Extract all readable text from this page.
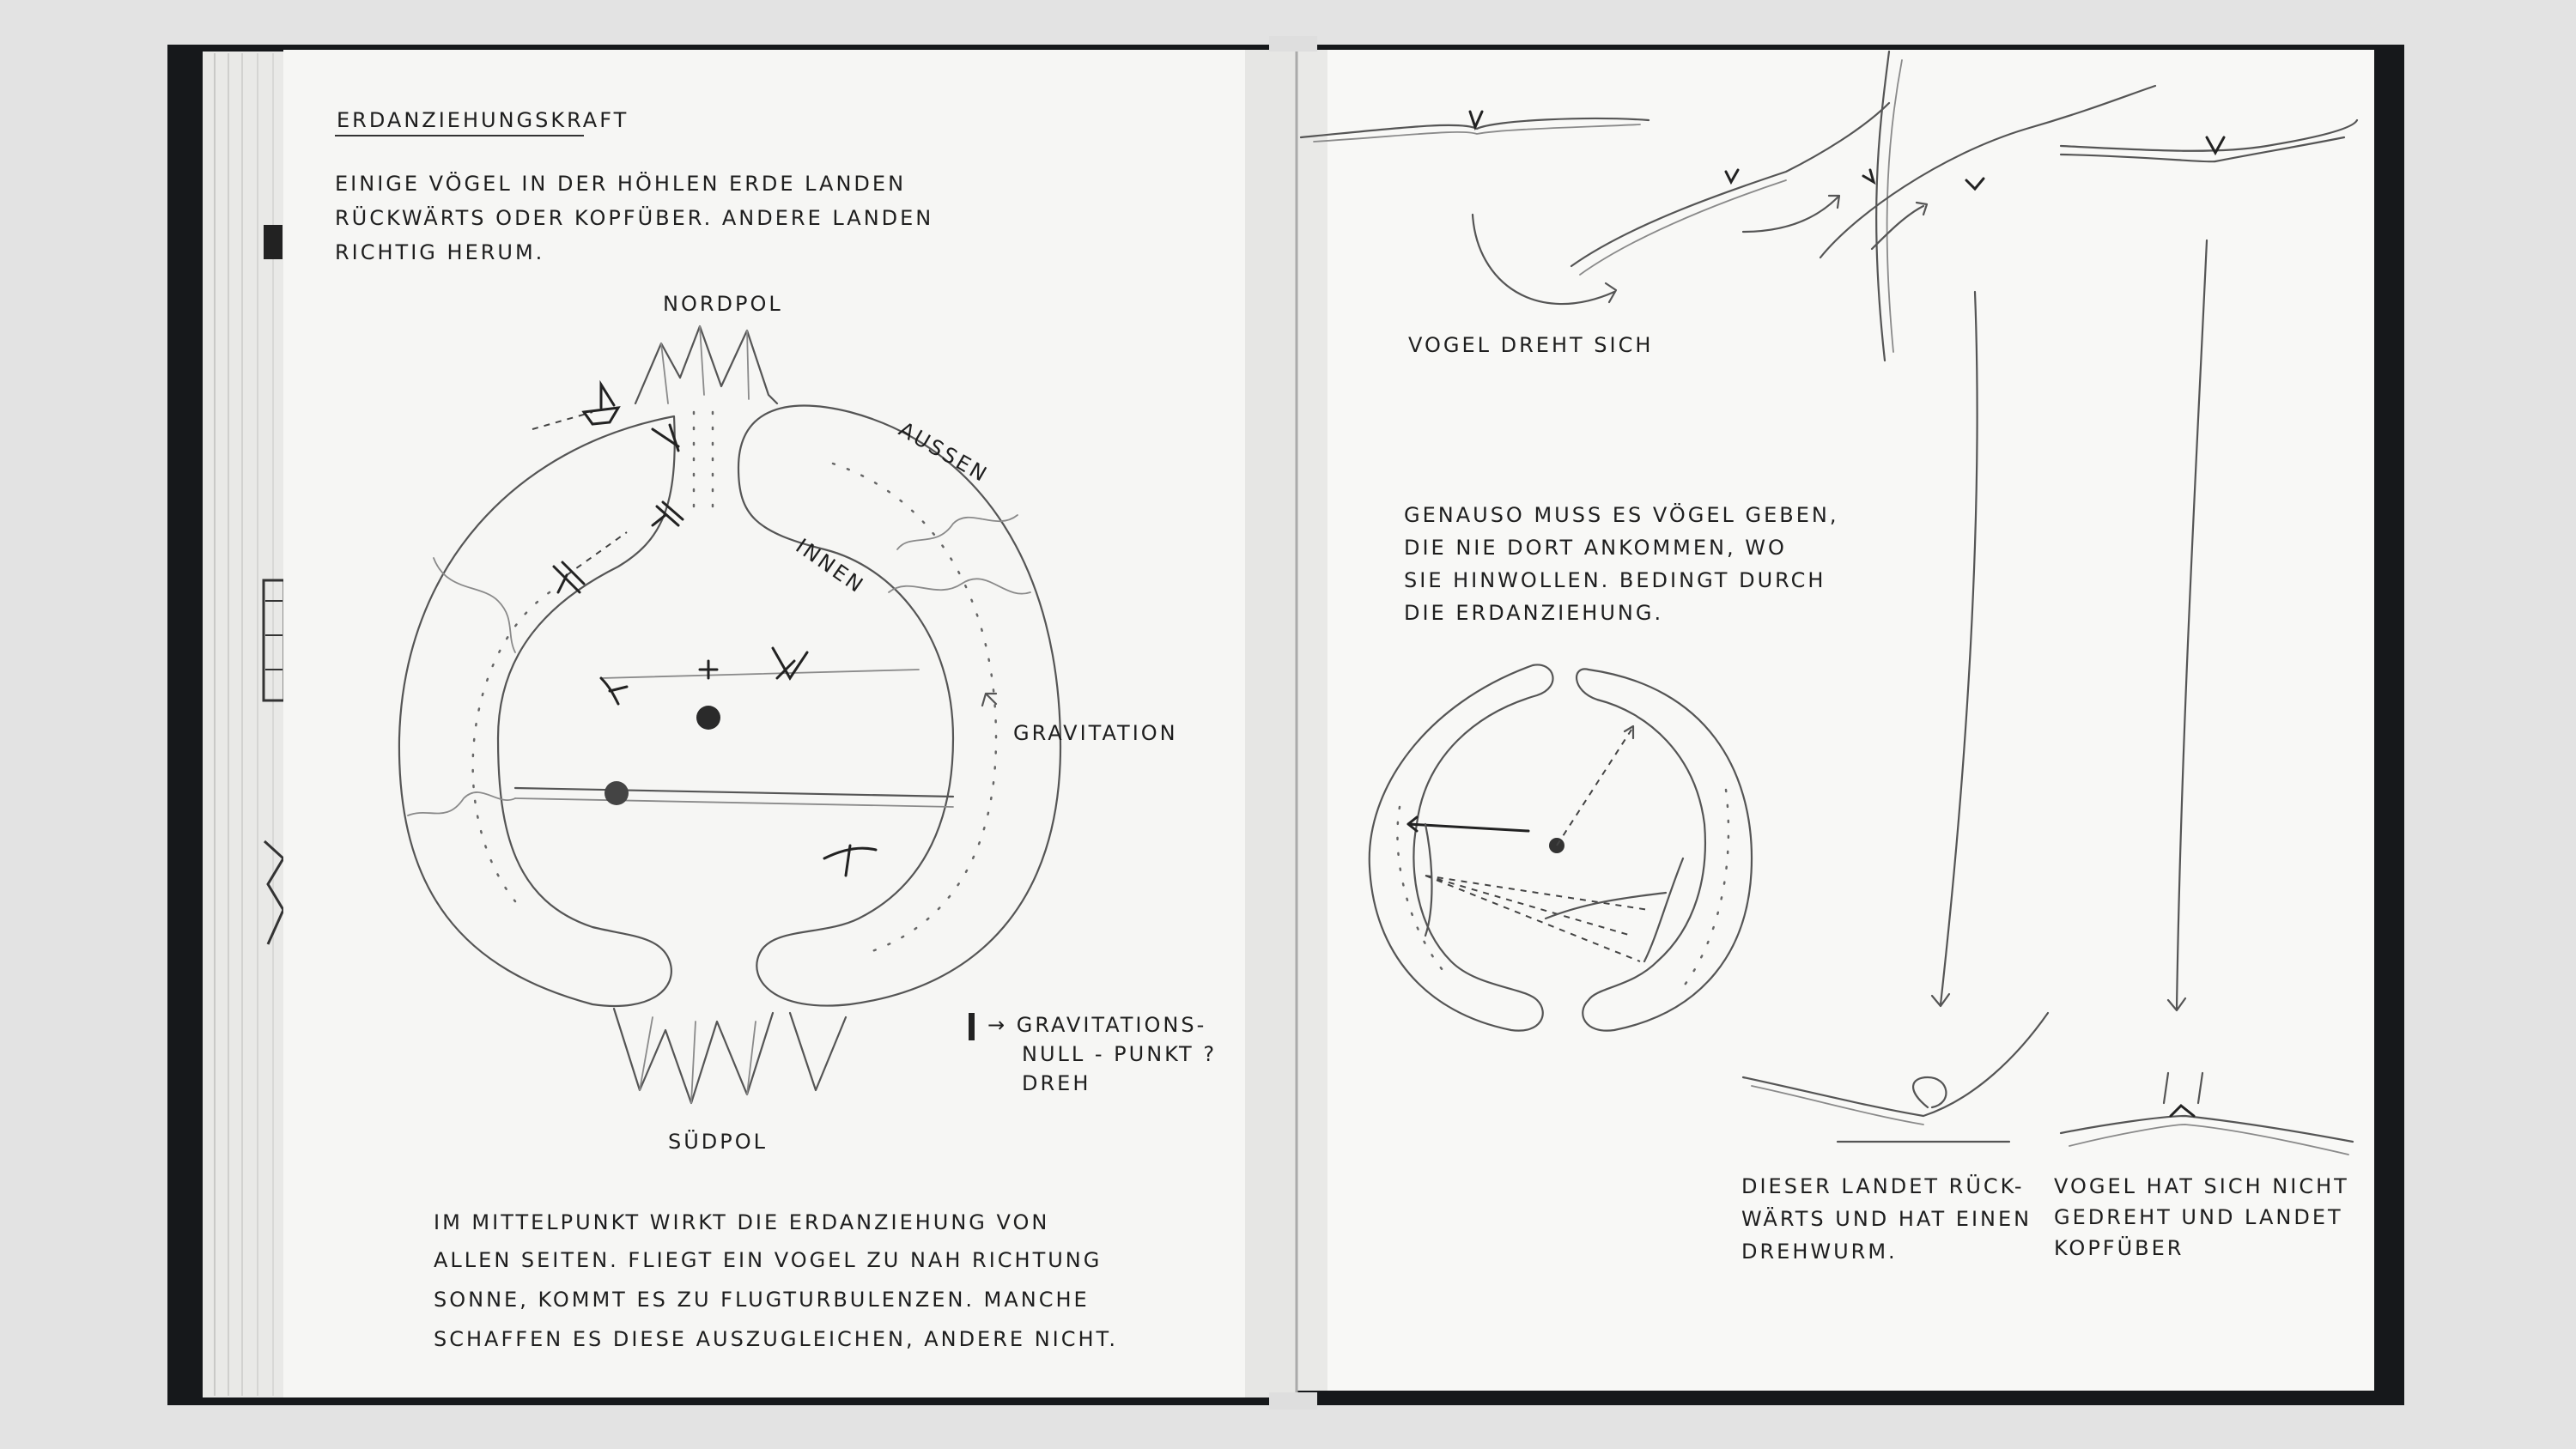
ERDANZIEHUNGSKRAFT
EINIGE VÖGEL IN DER HÖHLEN ERDE LANDEN
RÜCKWÄRTS ODER KOPFÜBER. ANDERE LANDEN
RICHTIG HERUM.
NORDPOL
AUSSEN
INNEN
GRAVITATION
→ GRAVITATIONS-
NULL - PUNKT ?
DREH
SÜDPOL
IM MITTELPUNKT WIRKT DIE ERDANZIEHUNG VON
ALLEN SEITEN. FLIEGT EIN VOGEL ZU NAH RICHTUNG
SONNE, KOMMT ES ZU FLUGTURBULENZEN. MANCHE
SCHAFFEN ES DIESE AUSZUGLEICHEN, ANDERE NICHT.
VOGEL DREHT SICH
GENAUSO MUSS ES VÖGEL GEBEN,
DIE NIE DORT ANKOMMEN, WO
SIE HINWOLLEN. BEDINGT DURCH
DIE ERDANZIEHUNG.
DIESER LANDET RÜCK-
WÄRTS UND HAT EINEN
DREHWURM.
VOGEL HAT SICH NICHT
GEDREHT UND LANDET
KOPFÜBER
